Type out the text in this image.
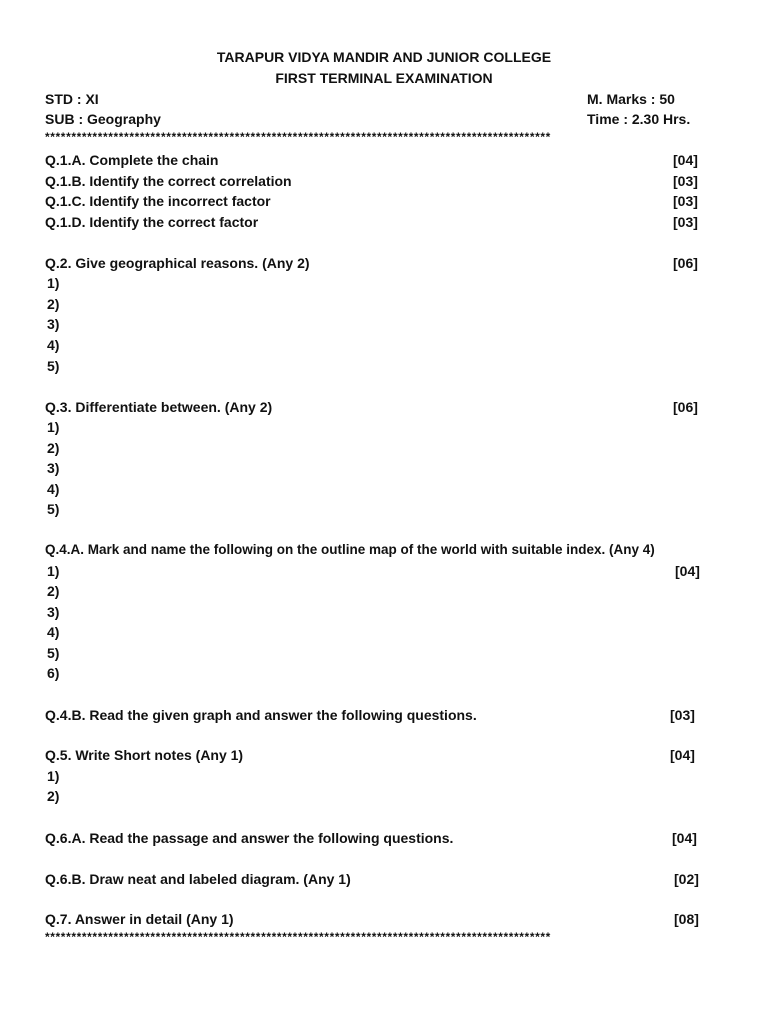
TARAPUR VIDYA MANDIR AND JUNIOR COLLEGE
FIRST TERMINAL EXAMINATION
STD : XI	M. Marks : 50
SUB : Geography	Time : 2.30 Hrs.
************************************************************************************************
Q.1.A. Complete the chain	[04]
Q.1.B. Identify the correct correlation	[03]
Q.1.C. Identify the incorrect factor	[03]
Q.1.D. Identify the correct factor	[03]
Q.2. Give geographical reasons. (Any 2)	[06]
1)
2)
3)
4)
5)
Q.3. Differentiate between. (Any 2)	[06]
1)
2)
3)
4)
5)
Q.4.A. Mark and name the following on the outline map of the world with suitable index. (Any 4)
1)	[04]
2)
3)
4)
5)
6)
Q.4.B. Read the given graph and answer the following questions.	[03]
Q.5. Write Short notes (Any 1)	[04]
1)
2)
Q.6.A. Read the passage and answer the following questions.	[04]
Q.6.B. Draw neat and labeled diagram. (Any 1)	[02]
Q.7. Answer in detail (Any 1)	[08]
************************************************************************************************
